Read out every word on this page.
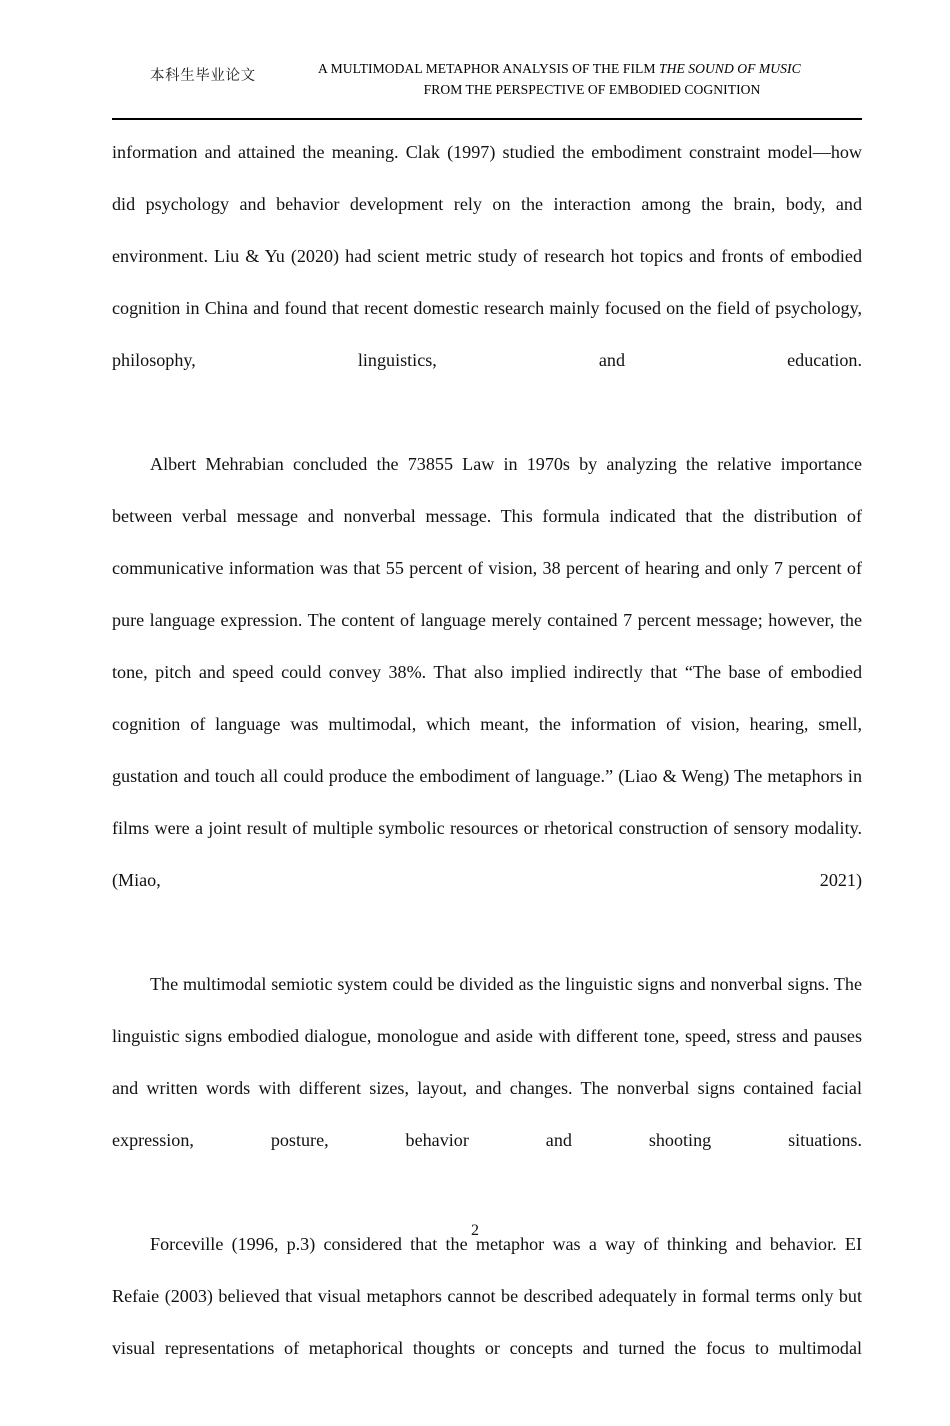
本科生毕业论文	A MULTIMODAL METAPHOR ANALYSIS OF THE FILM THE SOUND OF MUSIC
FROM THE PERSPECTIVE OF EMBODIED COGNITION

information and attained the meaning. Clak (1997) studied the embodiment constraint model—how did psychology and behavior development rely on the interaction among the brain, body, and environment. Liu & Yu (2020) had scient metric study of research hot topics and fronts of embodied cognition in China and found that recent domestic research mainly focused on the field of psychology, philosophy, linguistics, and education.

Albert Mehrabian concluded the 73855 Law in 1970s by analyzing the relative importance between verbal message and nonverbal message. This formula indicated that the distribution of communicative information was that 55 percent of vision, 38 percent of hearing and only 7 percent of pure language expression. The content of language merely contained 7 percent message; however, the tone, pitch and speed could convey 38%. That also implied indirectly that “The base of embodied cognition of language was multimodal, which meant, the information of vision, hearing, smell, gustation and touch all could produce the embodiment of language.” (Liao & Weng) The metaphors in films were a joint result of multiple symbolic resources or rhetorical construction of sensory modality. (Miao, 2021)

The multimodal semiotic system could be divided as the linguistic signs and nonverbal signs. The linguistic signs embodied dialogue, monologue and aside with different tone, speed, stress and pauses and written words with different sizes, layout, and changes. The nonverbal signs contained facial expression, posture, behavior and shooting situations.

Forceville (1996, p.3) considered that the metaphor was a way of thinking and behavior. EI Refaie (2003) believed that visual metaphors cannot be described adequately in formal terms only but visual representations of metaphorical thoughts or concepts and turned the focus to multimodal

2
